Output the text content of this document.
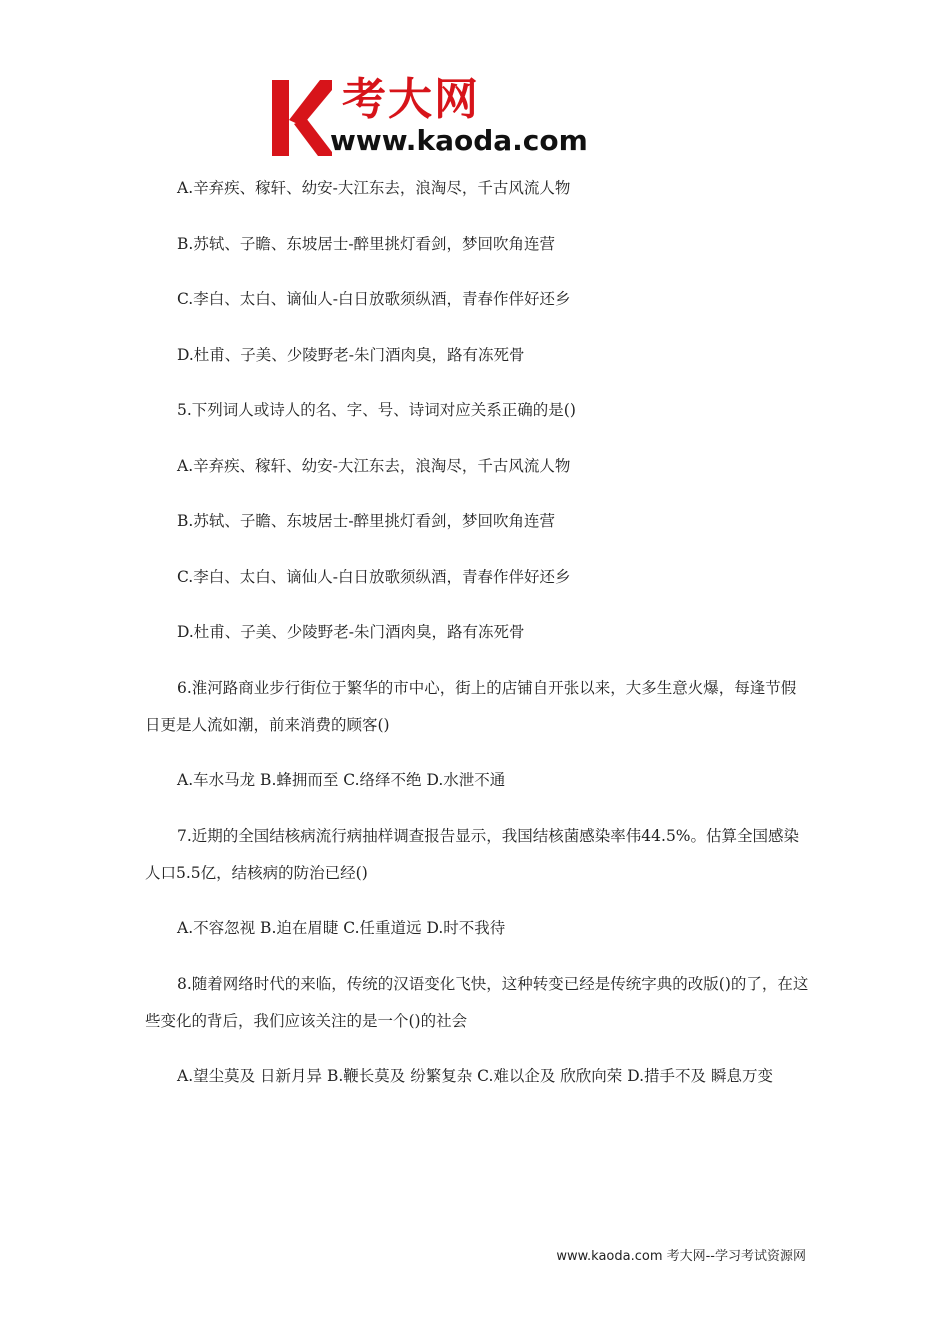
考大网
www.kaoda.com

A.辛弃疾、稼轩、幼安-大江东去，浪淘尽，千古风流人物

B.苏轼、子瞻、东坡居士-醉里挑灯看剑，梦回吹角连营

C.李白、太白、谪仙人-白日放歌须纵酒，青春作伴好还乡

D.杜甫、子美、少陵野老-朱门酒肉臭，路有冻死骨

5.下列词人或诗人的名、字、号、诗词对应关系正确的是()

A.辛弃疾、稼轩、幼安-大江东去，浪淘尽，千古风流人物

B.苏轼、子瞻、东坡居士-醉里挑灯看剑，梦回吹角连营

C.李白、太白、谪仙人-白日放歌须纵酒，青春作伴好还乡

D.杜甫、子美、少陵野老-朱门酒肉臭，路有冻死骨

6.淮河路商业步行街位于繁华的市中心，街上的店铺自开张以来，大多生意火爆，每逢节假日更是人流如潮，前来消费的顾客()

A.车水马龙 B.蜂拥而至 C.络绎不绝 D.水泄不通

7.近期的全国结核病流行病抽样调查报告显示，我国结核菌感染率伟44.5%。估算全国感染人口5.5亿，结核病的防治已经()

A.不容忽视 B.迫在眉睫 C.任重道远 D.时不我待

8.随着网络时代的来临，传统的汉语变化飞快，这种转变已经是传统字典的改版()的了，在这些变化的背后，我们应该关注的是一个()的社会

A.望尘莫及 日新月异 B.鞭长莫及 纷繁复杂 C.难以企及 欣欣向荣 D.措手不及 瞬息万变

www.kaoda.com 考大网--学习考试资源网
